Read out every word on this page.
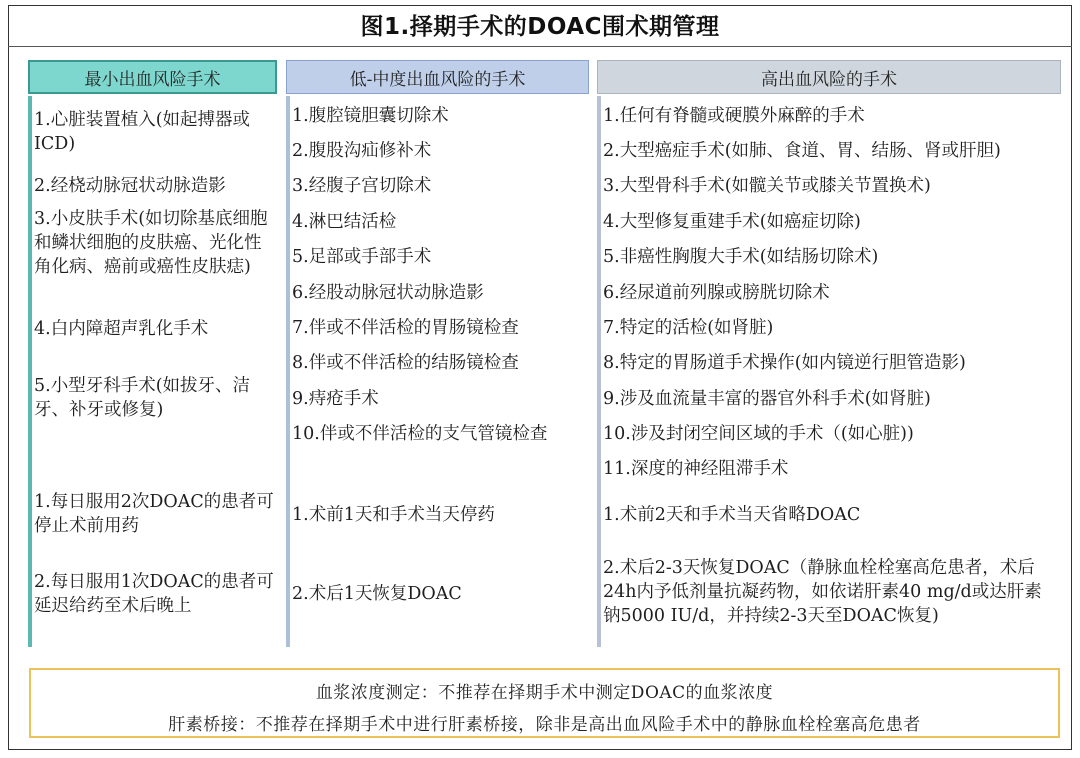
图1.择期手术的DOAC围术期管理
最小出血风险手术
1.心脏装置植入(如起搏器或ICD)
2.经桡动脉冠状动脉造影
3.小皮肤手术(如切除基底细胞和鳞状细胞的皮肤癌、光化性角化病、癌前或癌性皮肤痣)
4.白内障超声乳化手术
5.小型牙科手术(如拔牙、洁牙、补牙或修复)
1.每日服用2次DOAC的患者可停止术前用药
2.每日服用1次DOAC的患者可延迟给药至术后晚上
低-中度出血风险的手术
1.腹腔镜胆囊切除术
2.腹股沟疝修补术
3.经腹子宫切除术
4.淋巴结活检
5.足部或手部手术
6.经股动脉冠状动脉造影
7.伴或不伴活检的胃肠镜检查
8.伴或不伴活检的结肠镜检查
9.痔疮手术
10.伴或不伴活检的支气管镜检查
1.术前1天和手术当天停药
2.术后1天恢复DOAC
高出血风险的手术
1.任何有脊髓或硬膜外麻醉的手术
2.大型癌症手术(如肺、食道、胃、结肠、肾或肝胆)
3.大型骨科手术(如髋关节或膝关节置换术)
4.大型修复重建手术(如癌症切除)
5.非癌性胸腹大手术(如结肠切除术)
6.经尿道前列腺或膀胱切除术
7.特定的活检(如肾脏)
8.特定的胃肠道手术操作(如内镜逆行胆管造影)
9.涉及血流量丰富的器官外科手术(如肾脏)
10.涉及封闭空间区域的手术（(如心脏))
11.深度的神经阻滞手术
1.术前2天和手术当天省略DOAC
2.术后2-3天恢复DOAC（静脉血栓栓塞高危患者，术后24h内予低剂量抗凝药物，如依诺肝素40 mg/d或达肝素钠5000 IU/d，并持续2-3天至DOAC恢复)
血浆浓度测定：不推荐在择期手术中测定DOAC的血浆浓度
肝素桥接：不推荐在择期手术中进行肝素桥接，除非是高出血风险手术中的静脉血栓栓塞高危患者
